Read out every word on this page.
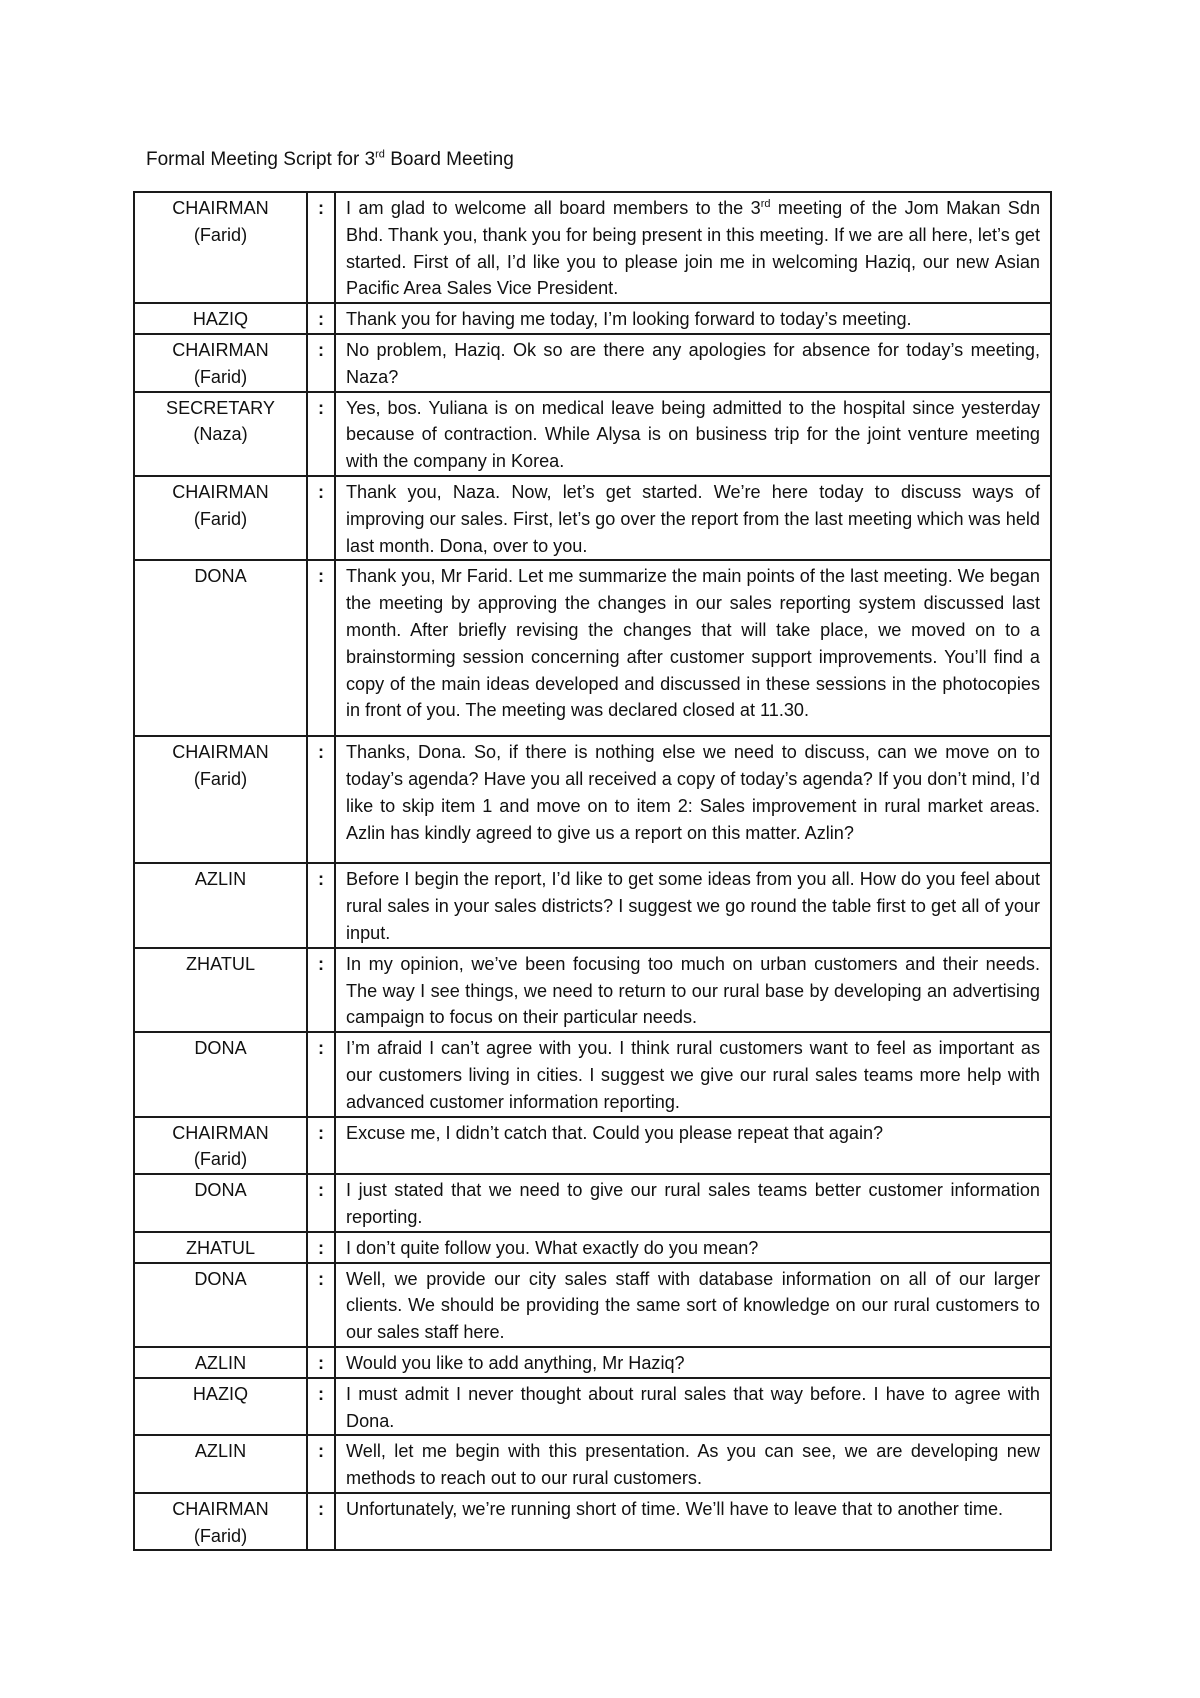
Formal Meeting Script for 3rd Board Meeting
CHAIRMAN
(Farid)	:	I am glad to welcome all board members to the 3rd meeting of the Jom Makan Sdn Bhd. Thank you, thank you for being present in this meeting. If we are all here, let’s get started. First of all, I’d like you to please join me in welcoming Haziq, our new Asian Pacific Area Sales Vice President.

HAZIQ	:	Thank you for having me today, I’m looking forward to today’s meeting.

CHAIRMAN
(Farid)	:	No problem, Haziq. Ok so are there any apologies for absence for today’s meeting, Naza?

SECRETARY
(Naza)	:	Yes, bos. Yuliana is on medical leave being admitted to the hospital since yesterday because of contraction. While Alysa is on business trip for the joint venture meeting with the company in Korea.

CHAIRMAN
(Farid)	:	Thank you, Naza. Now, let’s get started. We’re here today to discuss ways of improving our sales. First, let’s go over the report from the last meeting which was held last month. Dona, over to you.

DONA	:	Thank you, Mr Farid. Let me summarize the main points of the last meeting. We began the meeting by approving the changes in our sales reporting system discussed last month. After briefly revising the changes that will take place, we moved on to a brainstorming session concerning after customer support improvements. You’ll find a copy of the main ideas developed and discussed in these sessions in the photocopies in front of you. The meeting was declared closed at 11.30.

CHAIRMAN
(Farid)	:	Thanks, Dona. So, if there is nothing else we need to discuss, can we move on to today’s agenda? Have you all received a copy of today’s agenda? If you don’t mind, I’d like to skip item 1 and move on to item 2: Sales improvement in rural market areas. Azlin has kindly agreed to give us a report on this matter. Azlin?

AZLIN	:	Before I begin the report, I’d like to get some ideas from you all. How do you feel about rural sales in your sales districts? I suggest we go round the table first to get all of your input.

ZHATUL	:	In my opinion, we’ve been focusing too much on urban customers and their needs. The way I see things, we need to return to our rural base by developing an advertising campaign to focus on their particular needs.

DONA	:	I’m afraid I can’t agree with you. I think rural customers want to feel as important as our customers living in cities. I suggest we give our rural sales teams more help with advanced customer information reporting.

CHAIRMAN
(Farid)	:	Excuse me, I didn’t catch that. Could you please repeat that again?

DONA	:	I just stated that we need to give our rural sales teams better customer information reporting.

ZHATUL	:	I don’t quite follow you. What exactly do you mean?

DONA	:	Well, we provide our city sales staff with database information on all of our larger clients. We should be providing the same sort of knowledge on our rural customers to our sales staff here.

AZLIN	:	Would you like to add anything, Mr Haziq?

HAZIQ	:	I must admit I never thought about rural sales that way before. I have to agree with Dona.

AZLIN	:	Well, let me begin with this presentation. As you can see, we are developing new methods to reach out to our rural customers.

CHAIRMAN
(Farid)	:	Unfortunately, we’re running short of time. We’ll have to leave that to another time.
